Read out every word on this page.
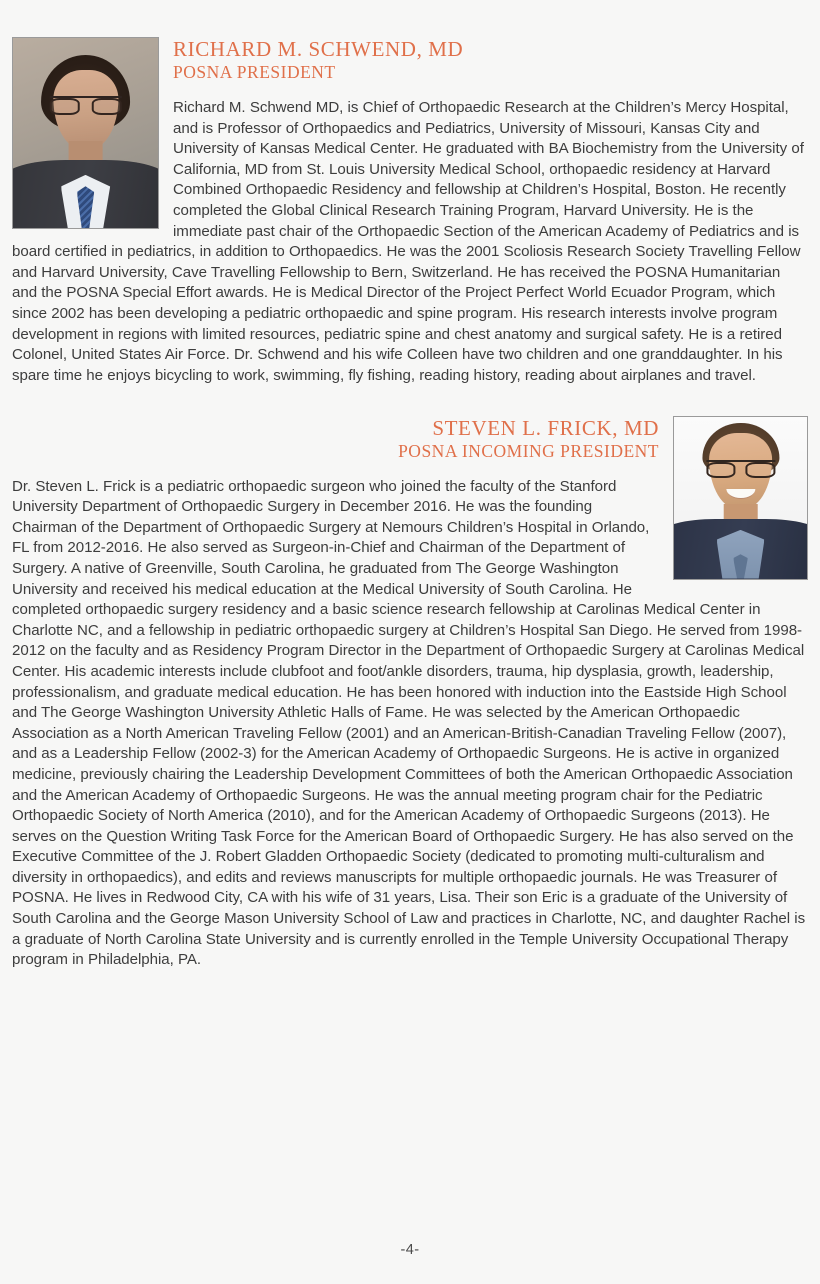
RICHARD M. SCHWEND, MD
POSNA PRESIDENT

Richard M. Schwend MD, is Chief of Orthopaedic Research at the Children’s Mercy Hospital, and is Professor of Orthopaedics and Pediatrics, University of Missouri, Kansas City and University of Kansas Medical Center. He graduated with BA Biochemistry from the University of California, MD from St. Louis University Medical School, orthopaedic residency at Harvard Combined Orthopaedic Residency and fellowship at Children’s Hospital, Boston. He recently completed the Global Clinical Research Training Program, Harvard University. He is the immediate past chair of the Orthopaedic Section of the American Academy of Pediatrics and is board certified in pediatrics, in addition to Orthopaedics. He was the 2001 Scoliosis Research Society Travelling Fellow and Harvard University, Cave Travelling Fellowship to Bern, Switzerland. He has received the POSNA Humanitarian and the POSNA Special Effort awards. He is Medical Director of the Project Perfect World Ecuador Program, which since 2002 has been developing a pediatric orthopaedic and spine program. His research interests involve program development in regions with limited resources, pediatric spine and chest anatomy and surgical safety. He is a retired Colonel, United States Air Force. Dr. Schwend and his wife Colleen have two children and one granddaughter. In his spare time he enjoys bicycling to work, swimming, fly fishing, reading history, reading about airplanes and travel.

STEVEN L. FRICK, MD
POSNA INCOMING PRESIDENT

Dr. Steven L. Frick is a pediatric orthopaedic surgeon who joined the faculty of the Stanford University Department of Orthopaedic Surgery in December 2016. He was the founding Chairman of the Department of Orthopaedic Surgery at Nemours Children’s Hospital in Orlando, FL from 2012-2016. He also served as Surgeon-in-Chief and Chairman of the Department of Surgery. A native of Greenville, South Carolina, he graduated from The George Washington University and received his medical education at the Medical University of South Carolina. He completed orthopaedic surgery residency and a basic science research fellowship at Carolinas Medical Center in Charlotte NC, and a fellowship in pediatric orthopaedic surgery at Children’s Hospital San Diego. He served from 1998-2012 on the faculty and as Residency Program Director in the Department of Orthopaedic Surgery at Carolinas Medical Center. His academic interests include clubfoot and foot/ankle disorders, trauma, hip dysplasia, growth, leadership, professionalism, and graduate medical education. He has been honored with induction into the Eastside High School and The George Washington University Athletic Halls of Fame. He was selected by the American Orthopaedic Association as a North American Traveling Fellow (2001) and an American-British-Canadian Traveling Fellow (2007), and as a Leadership Fellow (2002-3) for the American Academy of Orthopaedic Surgeons. He is active in organized medicine, previously chairing the Leadership Development Committees of both the American Orthopaedic Association and the American Academy of Orthopaedic Surgeons. He was the annual meeting program chair for the Pediatric Orthopaedic Society of North America (2010), and for the American Academy of Orthopaedic Surgeons (2013). He serves on the Question Writing Task Force for the American Board of Orthopaedic Surgery. He has also served on the Executive Committee of the J. Robert Gladden Orthopaedic Society (dedicated to promoting multi-culturalism and diversity in orthopaedics), and edits and reviews manuscripts for multiple orthopaedic journals. He was Treasurer of POSNA. He lives in Redwood City, CA with his wife of 31 years, Lisa. Their son Eric is a graduate of the University of South Carolina and the George Mason University School of Law and practices in Charlotte, NC, and daughter Rachel is a graduate of North Carolina State University and is currently enrolled in the Temple University Occupational Therapy program in Philadelphia, PA.

-4-
